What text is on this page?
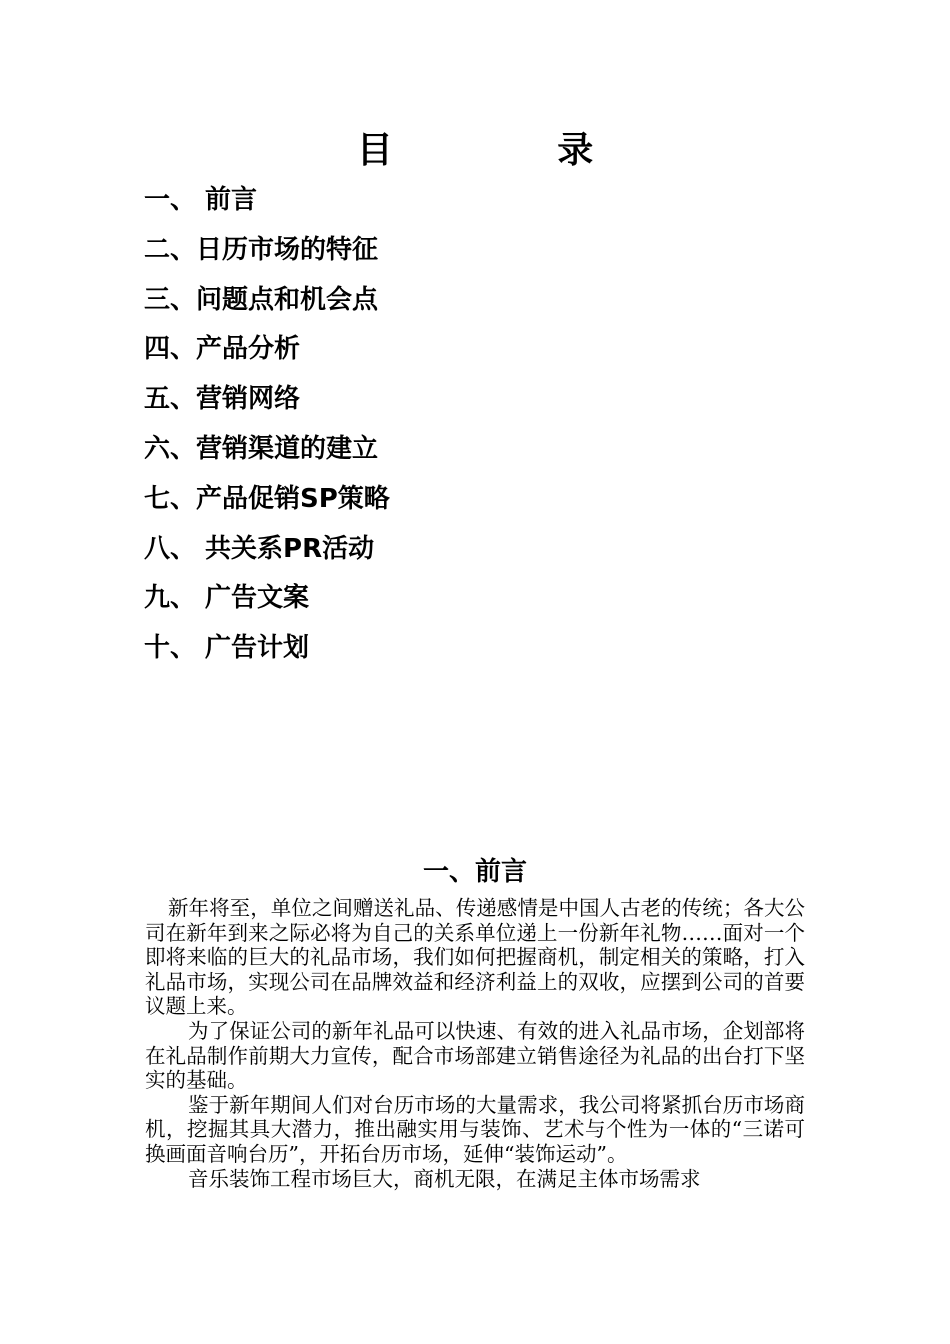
目 录
一、 前言
二、日历市场的特征
三、问题点和机会点
四、产品分析
五、营销网络
六、营销渠道的建立
七、产品促销SP策略
八、 共关系PR活动
九、 广告文案
十、 广告计划
一、前言

新年将至，单位之间赠送礼品、传递感情是中国人古老的传统；各大公司在新年到来之际必将为自己的关系单位递上一份新年礼物……面对一个即将来临的巨大的礼品市场，我们如何把握商机，制定相关的策略，打入礼品市场，实现公司在品牌效益和经济利益上的双收，应摆到公司的首要议题上来。

为了保证公司的新年礼品可以快速、有效的进入礼品市场，企划部将在礼品制作前期大力宣传，配合市场部建立销售途径为礼品的出台打下坚实的基础。

鉴于新年期间人们对台历市场的大量需求，我公司将紧抓台历市场商机，挖掘其具大潜力，推出融实用与装饰、艺术与个性为一体的“三诺可换画面音响台历”，开拓台历市场，延伸“装饰运动”。

音乐装饰工程市场巨大，商机无限，在满足主体市场需求
